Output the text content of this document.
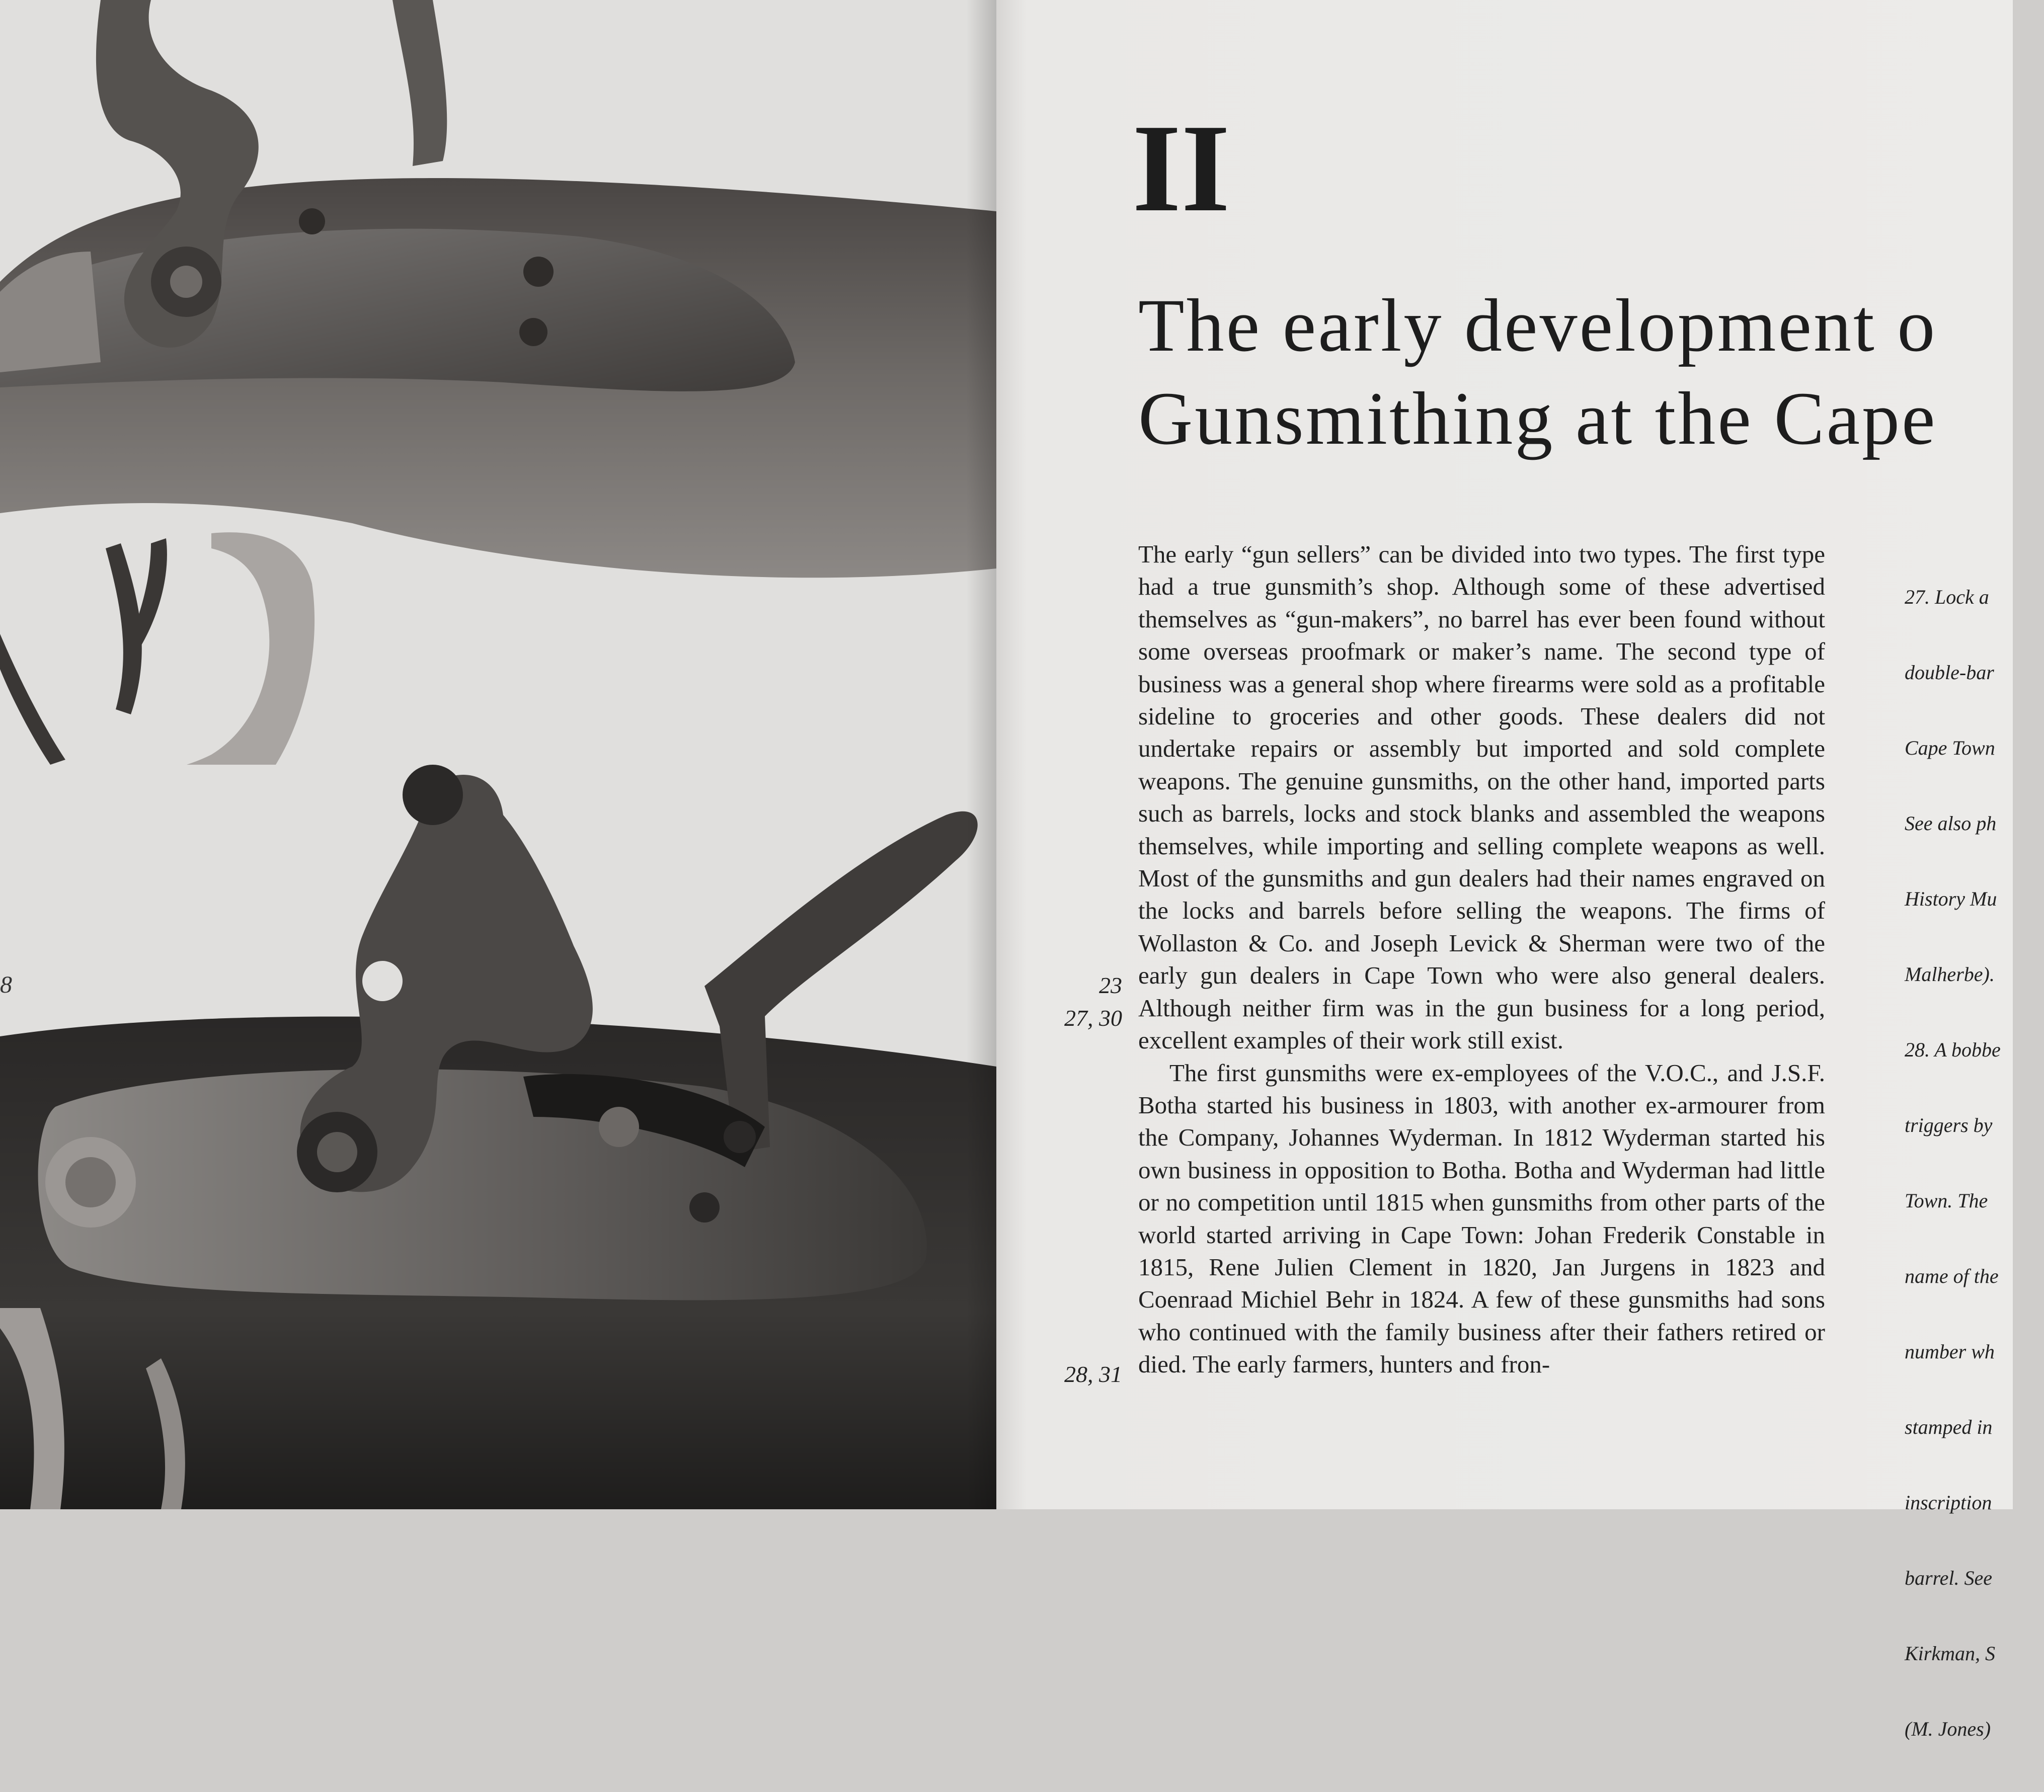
8
II
The early development o
Gunsmithing at the Cape

The early “gun sellers” can be divided into two types. The first type had a true gunsmith’s shop. Although some of these advertised themselves as “gun-makers”, no barrel has ever been found without some overseas proofmark or maker’s name. The second type of business was a general shop where firearms were sold as a profitable sideline to groceries and other goods. These dealers did not undertake repairs or assembly but imported and sold complete weapons. The genuine gunsmiths, on the other hand, imported parts such as barrels, locks and stock blanks and assembled the weapons themselves, while importing and selling complete weapons as well. Most of the gunsmiths and gun dealers had their names engraved on the locks and barrels before selling the weapons. The firms of Wollaston & Co. and Joseph Levick & Sherman were two of the early gun dealers in Cape Town who were also general dealers. Although neither firm was in the gun business for a long period, excellent examples of their work still exist.

The first gunsmiths were ex-employees of the V.O.C., and J.S.F. Botha started his business in 1803, with another ex-armourer from the Company, Johannes Wyderman. In 1812 Wyderman started his own business in opposition to Botha. Botha and Wyderman had little or no competition until 1815 when gunsmiths from other parts of the world started arriving in Cape Town: Johan Frederik Constable in 1815, Rene Julien Clement in 1820, Jan Jurgens in 1823 and Coenraad Michiel Behr in 1824. A few of these gunsmiths had sons who continued with the family business after their fathers retired or died. The early farmers, hunters and fron-

23
27, 30
28, 31

27. Lock a

double-bar

Cape Town

See also ph

History Mu

Malherbe).

28. A bobbe

triggers by

Town. The

name of the

number wh

stamped in

inscription

barrel. See

Kirkman, S

(M. Jones)
